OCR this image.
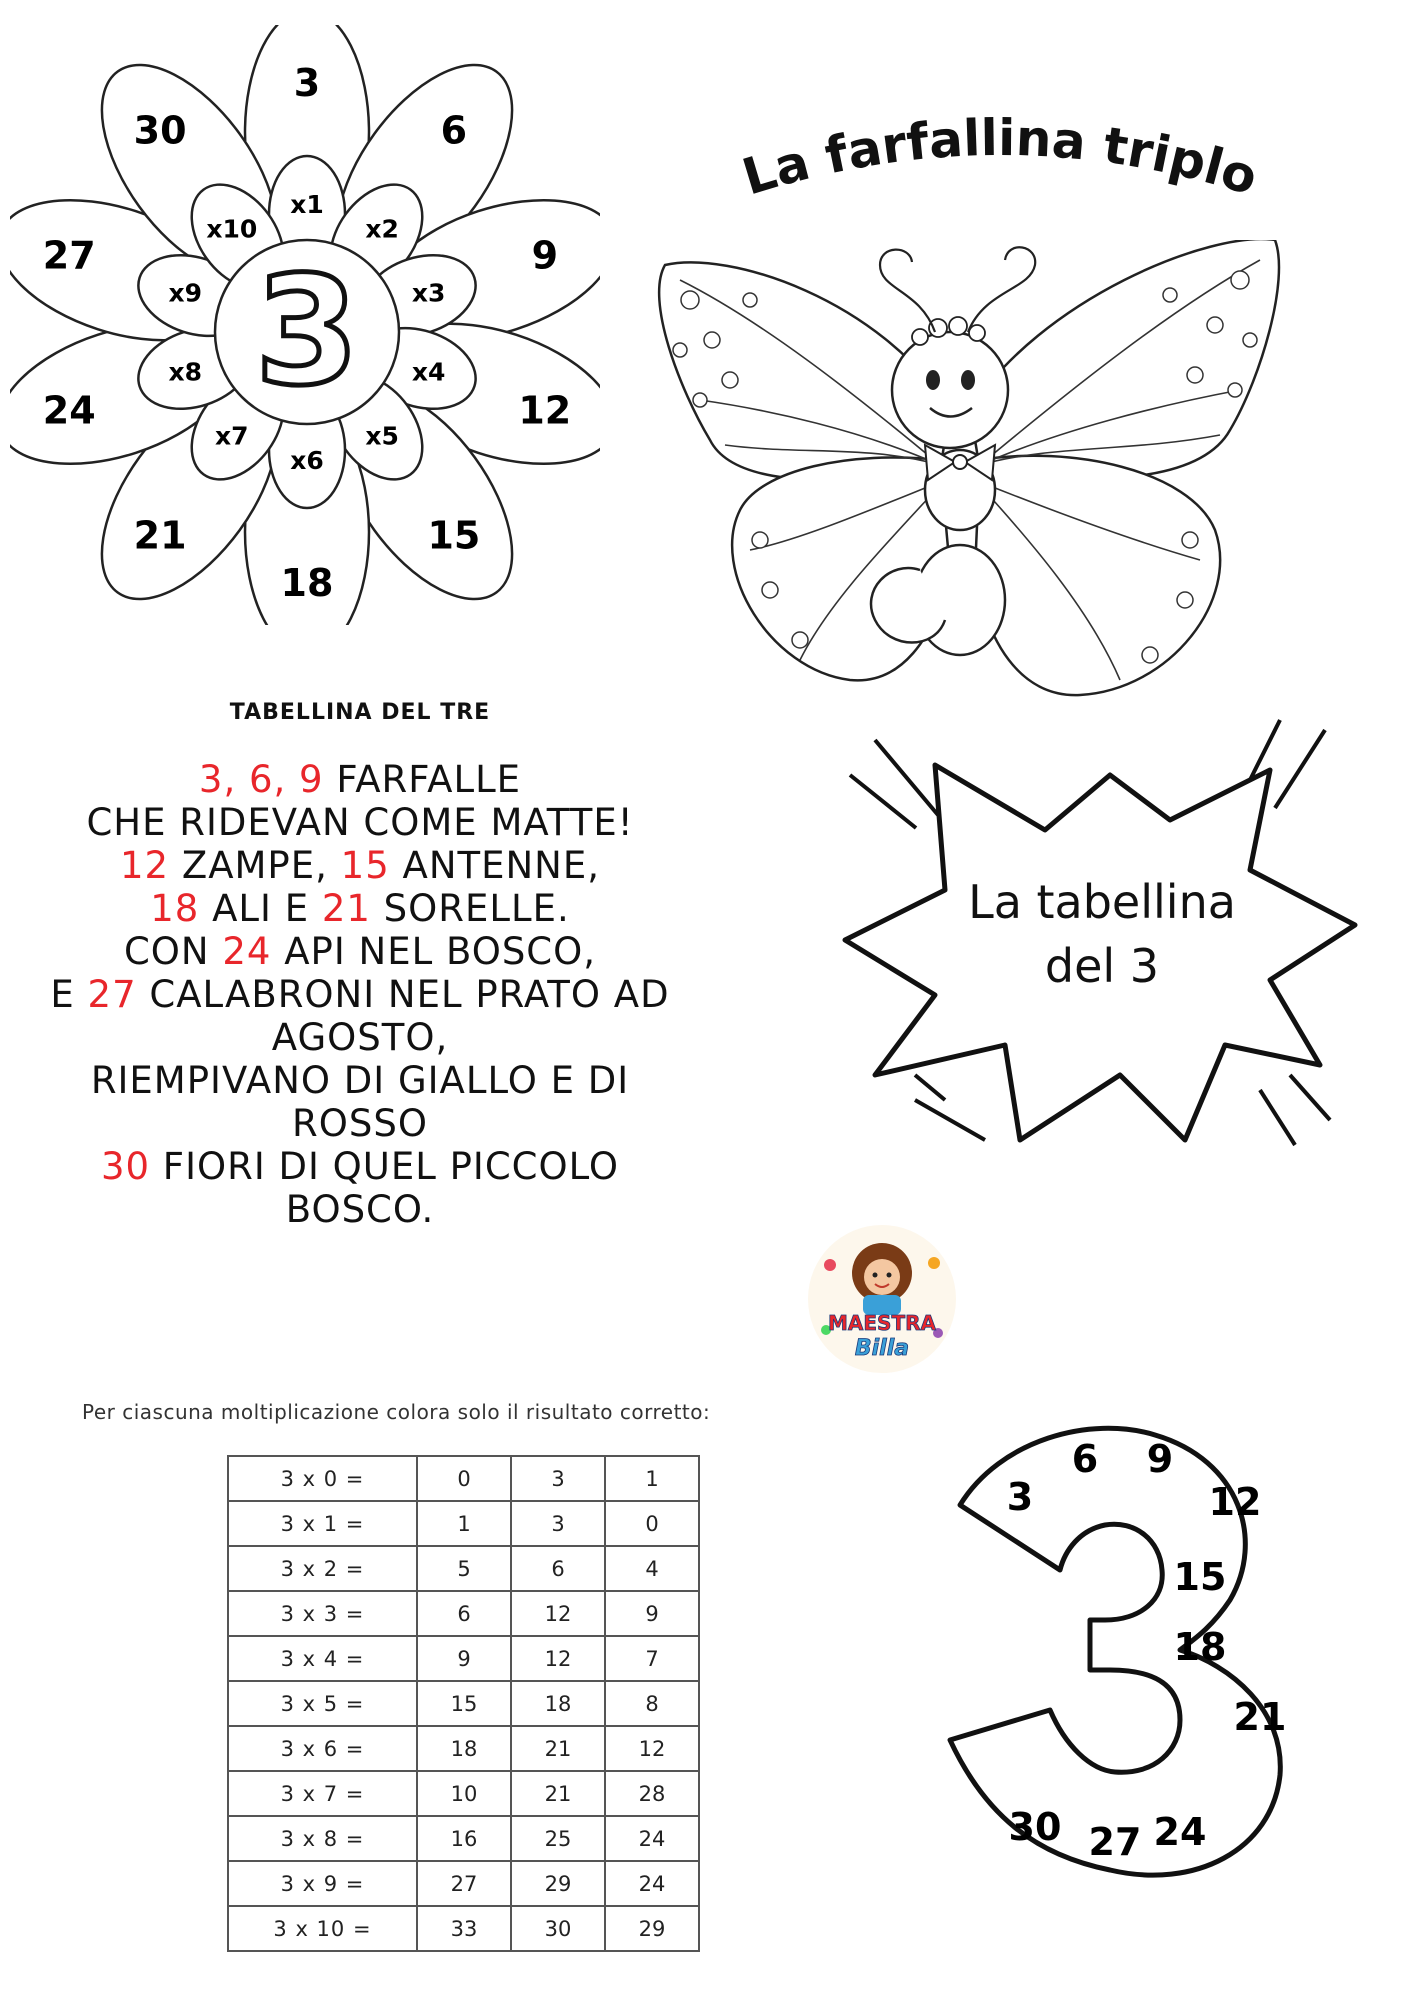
3
x1
3
x2
6
x3
9
x4
12
x5
15
x6
18
x7
21
x8
24
x9
27
x10
30
La farfallina triplo
TABELLINA DEL TRE
3, 6, 9 FARFALLE
CHE RIDEVAN COME MATTE!
12 ZAMPE, 15 ANTENNE,
18 ALI E 21 SORELLE.
CON 24 API NEL BOSCO,
E 27 CALABRONI NEL PRATO AD
AGOSTO,
RIEMPIVANO DI GIALLO E DI
ROSSO
30 FIORI DI QUEL PICCOLO
BOSCO.
La tabellina
del 3
MAESTRA
Billa
Per ciascuna moltiplicazione colora solo il risultato corretto:
3 x 0 =	0	3	1
3 x 1 =	1	3	0
3 x 2 =	5	6	4
3 x 3 =	6	12	9
3 x 4 =	9	12	7
3 x 5 =	15	18	8
3 x 6 =	18	21	12
3 x 7 =	10	21	28
3 x 8 =	16	25	24
3 x 9 =	27	29	24
3 x 10 =	33	30	29
3
6 9
12
15
18
21
24
27
30
